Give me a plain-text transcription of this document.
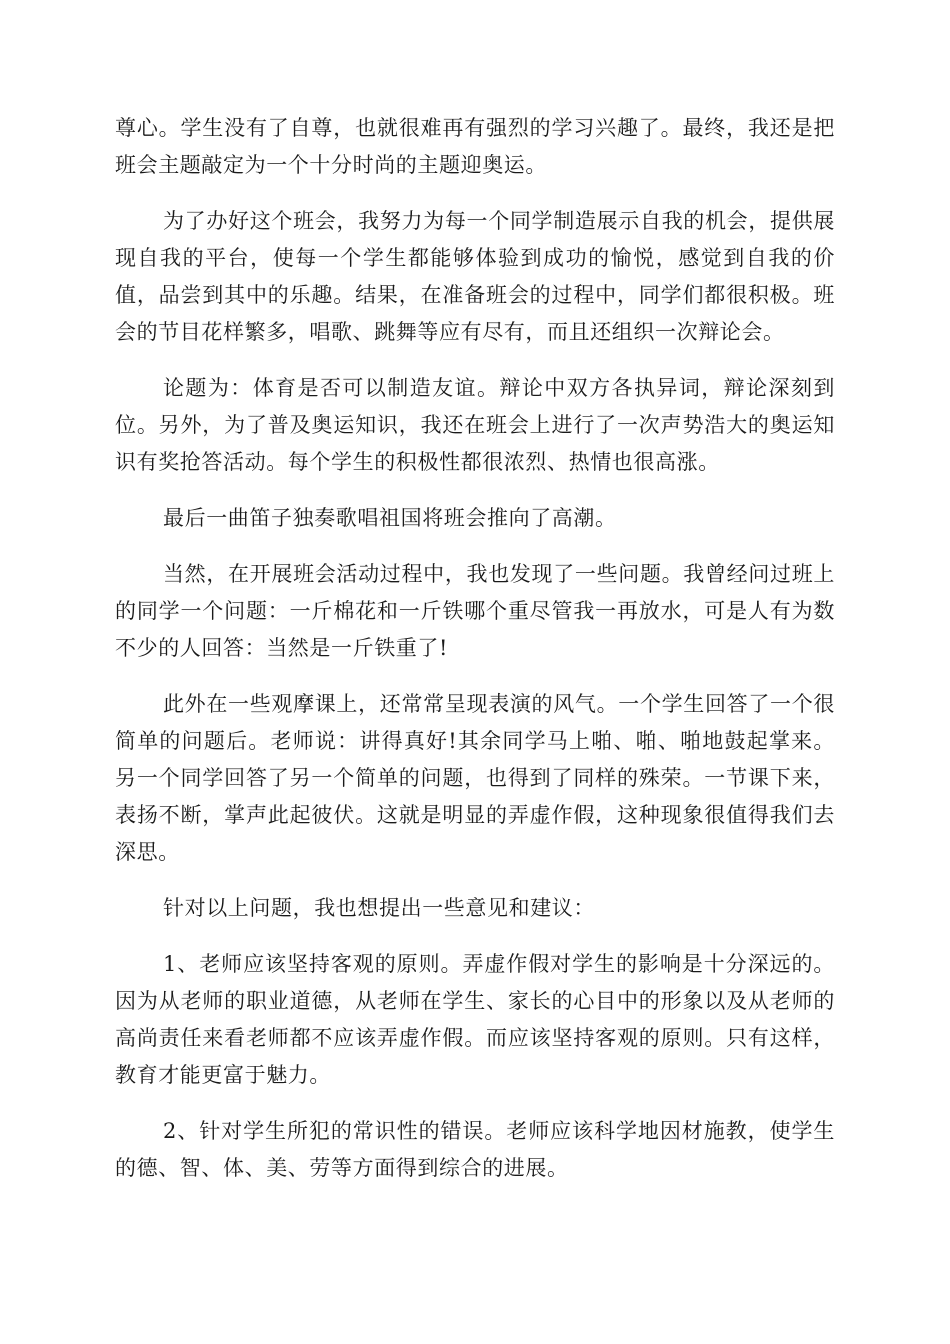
尊心。学生没有了自尊，也就很难再有强烈的学习兴趣了。最终，我还是把班会主题敲定为一个十分时尚的主题迎奥运。

为了办好这个班会，我努力为每一个同学制造展示自我的机会，提供展现自我的平台，使每一个学生都能够体验到成功的愉悦，感觉到自我的价值，品尝到其中的乐趣。结果，在准备班会的过程中，同学们都很积极。班会的节目花样繁多，唱歌、跳舞等应有尽有，而且还组织一次辩论会。

论题为：体育是否可以制造友谊。辩论中双方各执异词，辩论深刻到位。另外，为了普及奥运知识，我还在班会上进行了一次声势浩大的奥运知识有奖抢答活动。每个学生的积极性都很浓烈、热情也很高涨。

最后一曲笛子独奏歌唱祖国将班会推向了高潮。

当然，在开展班会活动过程中，我也发现了一些问题。我曾经问过班上的同学一个问题：一斤棉花和一斤铁哪个重尽管我一再放水，可是人有为数不少的人回答：当然是一斤铁重了!

此外在一些观摩课上，还常常呈现表演的风气。一个学生回答了一个很简单的问题后。老师说：讲得真好!其余同学马上啪、啪、啪地鼓起掌来。另一个同学回答了另一个简单的问题，也得到了同样的殊荣。一节课下来，表扬不断，掌声此起彼伏。这就是明显的弄虚作假，这种现象很值得我们去深思。

针对以上问题，我也想提出一些意见和建议：

1、老师应该坚持客观的原则。弄虚作假对学生的影响是十分深远的。因为从老师的职业道德，从老师在学生、家长的心目中的形象以及从老师的高尚责任来看老师都不应该弄虚作假。而应该坚持客观的原则。只有这样，教育才能更富于魅力。

2、针对学生所犯的常识性的错误。老师应该科学地因材施教，使学生的德、智、体、美、劳等方面得到综合的进展。
